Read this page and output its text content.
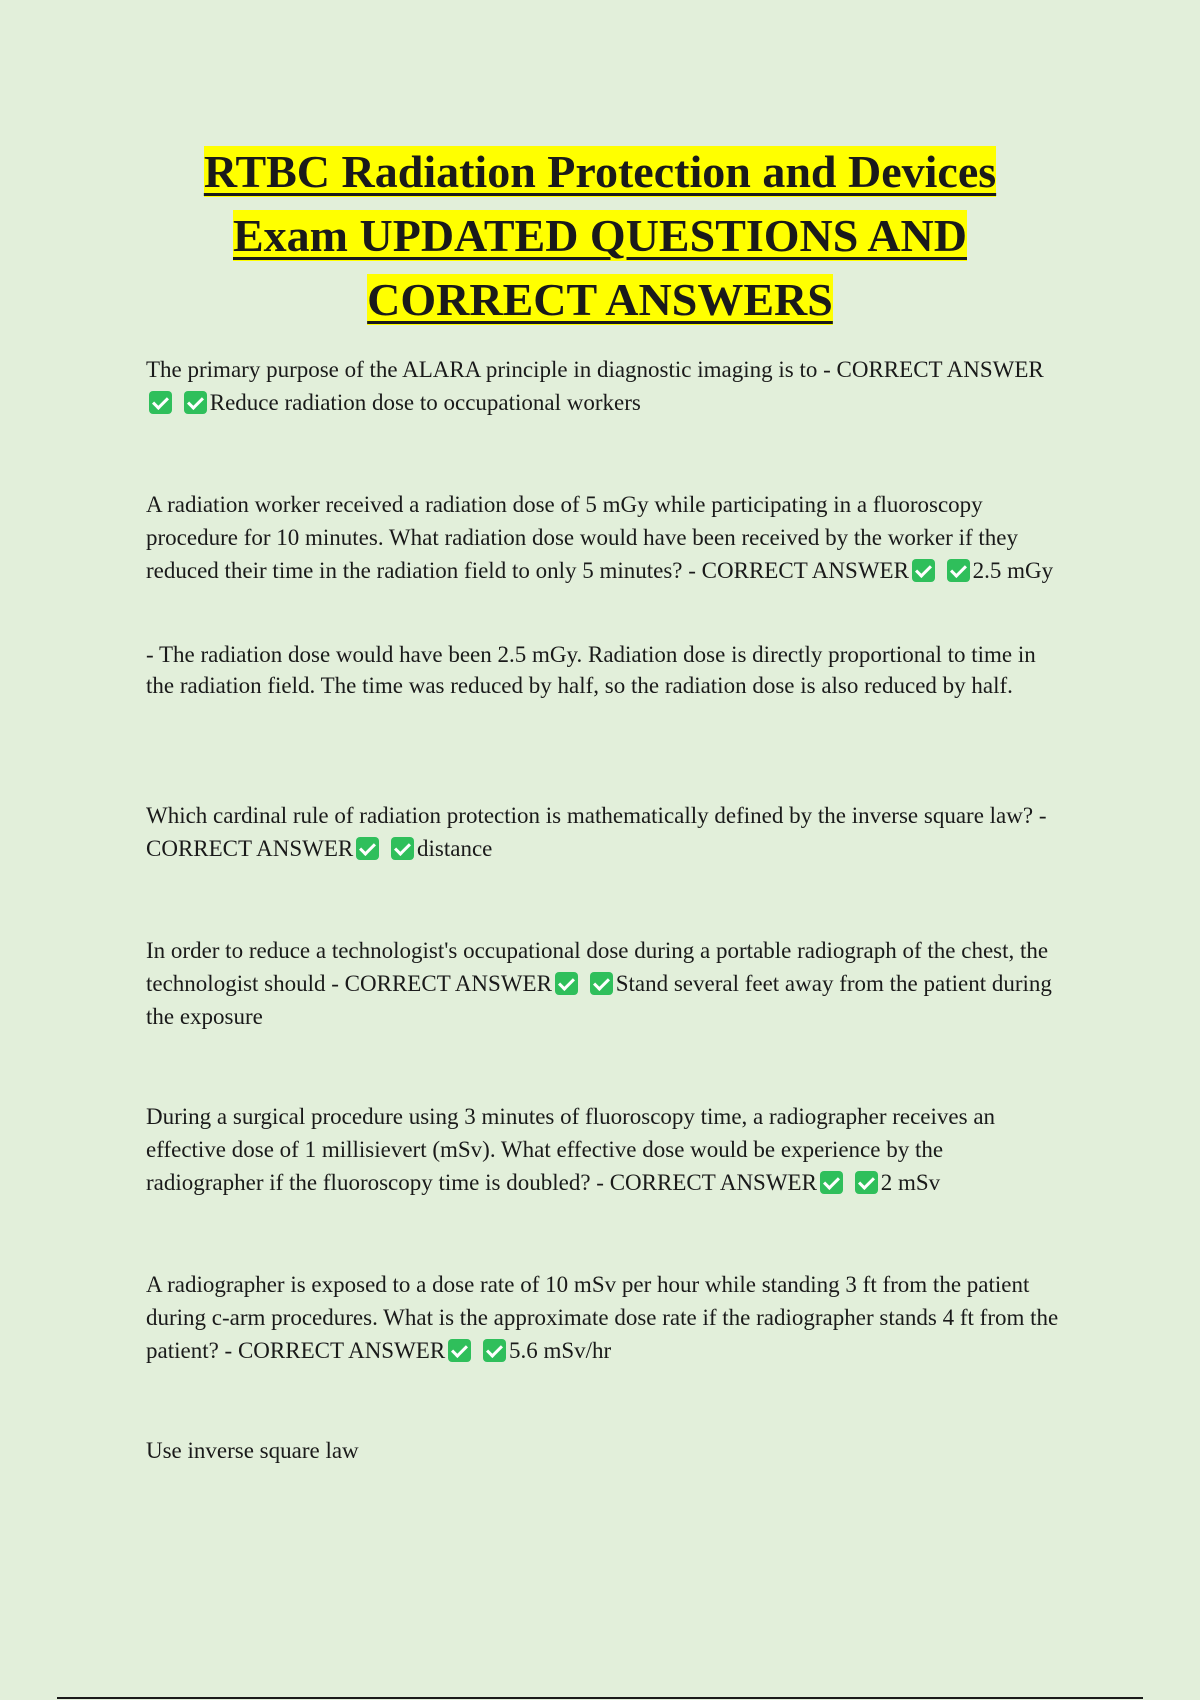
RTBC Radiation Protection and Devices
Exam UPDATED QUESTIONS AND
CORRECT ANSWERS

The primary purpose of the ALARA principle in diagnostic imaging is to - CORRECT ANSWER Reduce radiation dose to occupational workers

A radiation worker received a radiation dose of 5 mGy while participating in a fluoroscopy procedure for 10 minutes. What radiation dose would have been received by the worker if they reduced their time in the radiation field to only 5 minutes? - CORRECT ANSWER	2.5 mGy

- The radiation dose would have been 2.5 mGy. Radiation dose is directly proportional to time in the radiation field. The time was reduced by half, so the radiation dose is also reduced by half.

Which cardinal rule of radiation protection is mathematically defined by the inverse square law? - CORRECT ANSWER	distance

In order to reduce a technologist's occupational dose during a portable radiograph of the chest, the technologist should - CORRECT ANSWER	Stand several feet away from the patient during the exposure

During a surgical procedure using 3 minutes of fluoroscopy time, a radiographer receives an effective dose of 1 millisievert (mSv). What effective dose would be experience by the radiographer if the fluoroscopy time is doubled? - CORRECT ANSWER	2 mSv

A radiographer is exposed to a dose rate of 10 mSv per hour while standing 3 ft from the patient during c-arm procedures. What is the approximate dose rate if the radiographer stands 4 ft from the patient? - CORRECT ANSWER	5.6 mSv/hr

Use inverse square law
